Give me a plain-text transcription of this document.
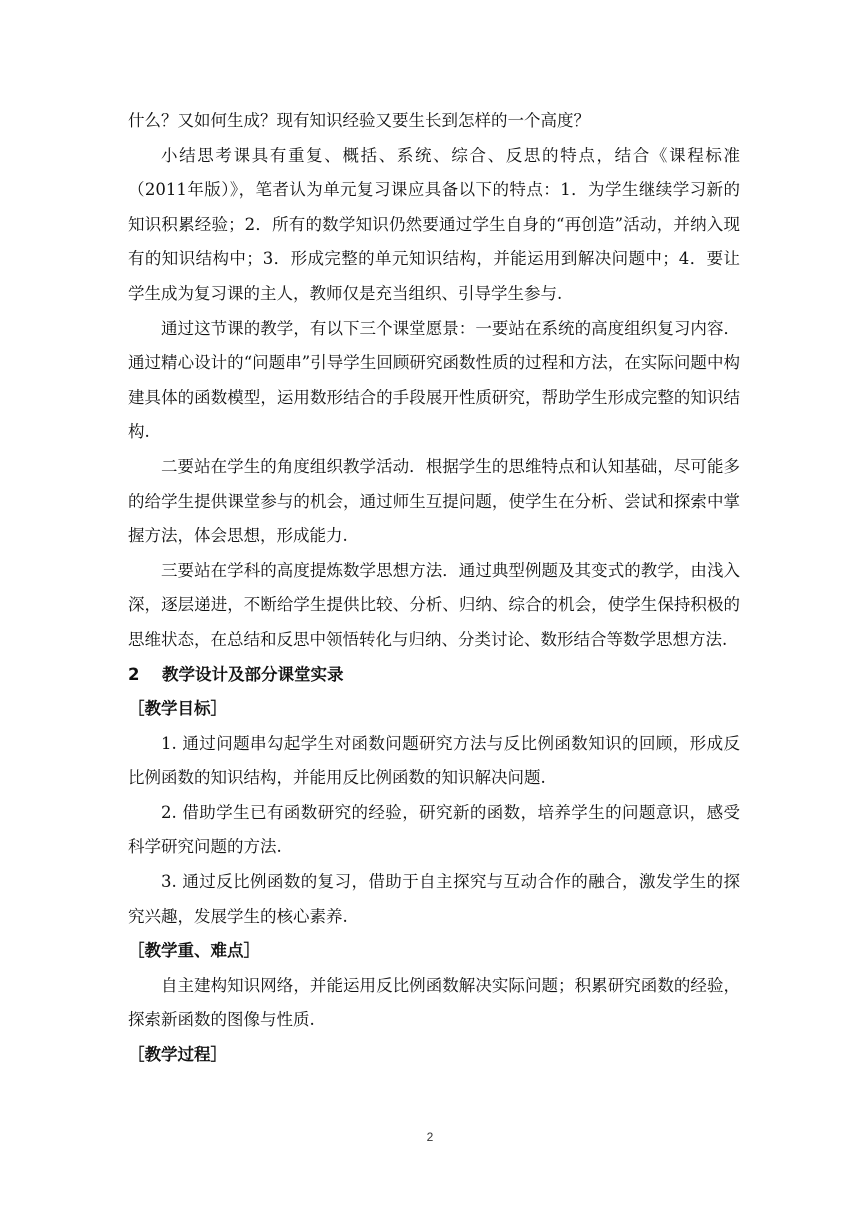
什么？又如何生成？现有知识经验又要生长到怎样的一个高度？

小结思考课具有重复、概括、系统、综合、反思的特点，结合《课程标准（2011年版）》，笔者认为单元复习课应具备以下的特点：1．为学生继续学习新的知识积累经验；2．所有的数学知识仍然要通过学生自身的“再创造”活动，并纳入现有的知识结构中；3．形成完整的单元知识结构，并能运用到解决问题中；4．要让学生成为复习课的主人，教师仅是充当组织、引导学生参与.

通过这节课的教学，有以下三个课堂愿景：一要站在系统的高度组织复习内容．通过精心设计的“问题串”引导学生回顾研究函数性质的过程和方法，在实际问题中构建具体的函数模型，运用数形结合的手段展开性质研究，帮助学生形成完整的知识结构.

二要站在学生的角度组织教学活动．根据学生的思维特点和认知基础，尽可能多的给学生提供课堂参与的机会，通过师生互提问题，使学生在分析、尝试和探索中掌握方法，体会思想，形成能力.

三要站在学科的高度提炼数学思想方法．通过典型例题及其变式的教学，由浅入深，逐层递进，不断给学生提供比较、分析、归纳、综合的机会，使学生保持积极的思维状态，在总结和反思中领悟转化与归纳、分类讨论、数形结合等数学思想方法.

2 教学设计及部分课堂实录

［教学目标］

1. 通过问题串勾起学生对函数问题研究方法与反比例函数知识的回顾，形成反比例函数的知识结构，并能用反比例函数的知识解决问题.

2. 借助学生已有函数研究的经验，研究新的函数，培养学生的问题意识，感受科学研究问题的方法.

3. 通过反比例函数的复习，借助于自主探究与互动合作的融合，激发学生的探究兴趣，发展学生的核心素养.

［教学重、难点］

自主建构知识网络，并能运用反比例函数解决实际问题；积累研究函数的经验，探索新函数的图像与性质.

［教学过程］

2
